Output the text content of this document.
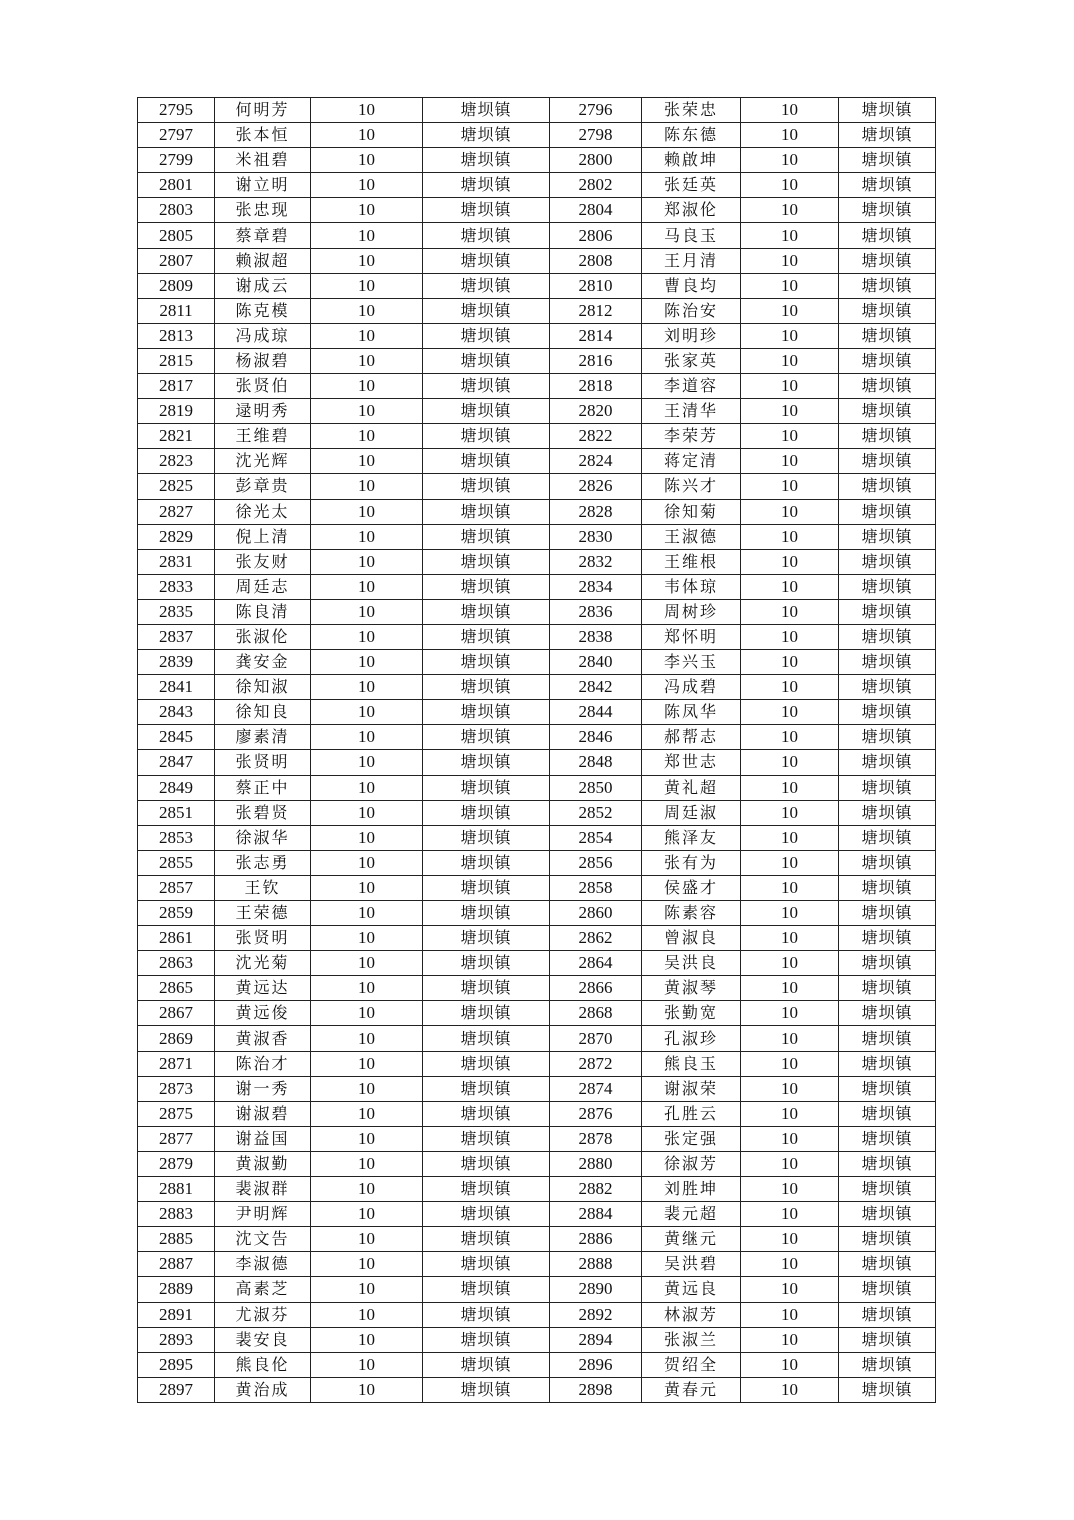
2795	何明芳	10	塘坝镇	2796	张荣忠	10	塘坝镇
2797	张本恒	10	塘坝镇	2798	陈东德	10	塘坝镇
2799	米祖碧	10	塘坝镇	2800	赖啟坤	10	塘坝镇
2801	谢立明	10	塘坝镇	2802	张廷英	10	塘坝镇
2803	张忠现	10	塘坝镇	2804	郑淑伦	10	塘坝镇
2805	蔡章碧	10	塘坝镇	2806	马良玉	10	塘坝镇
2807	赖淑超	10	塘坝镇	2808	王月清	10	塘坝镇
2809	谢成云	10	塘坝镇	2810	曹良均	10	塘坝镇
2811	陈克模	10	塘坝镇	2812	陈治安	10	塘坝镇
2813	冯成琼	10	塘坝镇	2814	刘明珍	10	塘坝镇
2815	杨淑碧	10	塘坝镇	2816	张家英	10	塘坝镇
2817	张贤伯	10	塘坝镇	2818	李道容	10	塘坝镇
2819	逯明秀	10	塘坝镇	2820	王清华	10	塘坝镇
2821	王维碧	10	塘坝镇	2822	李荣芳	10	塘坝镇
2823	沈光辉	10	塘坝镇	2824	蒋定清	10	塘坝镇
2825	彭章贵	10	塘坝镇	2826	陈兴才	10	塘坝镇
2827	徐光太	10	塘坝镇	2828	徐知菊	10	塘坝镇
2829	倪上清	10	塘坝镇	2830	王淑德	10	塘坝镇
2831	张友财	10	塘坝镇	2832	王维根	10	塘坝镇
2833	周廷志	10	塘坝镇	2834	韦体琼	10	塘坝镇
2835	陈良清	10	塘坝镇	2836	周树珍	10	塘坝镇
2837	张淑伦	10	塘坝镇	2838	郑怀明	10	塘坝镇
2839	龚安金	10	塘坝镇	2840	李兴玉	10	塘坝镇
2841	徐知淑	10	塘坝镇	2842	冯成碧	10	塘坝镇
2843	徐知良	10	塘坝镇	2844	陈凤华	10	塘坝镇
2845	廖素清	10	塘坝镇	2846	郝帮志	10	塘坝镇
2847	张贤明	10	塘坝镇	2848	郑世志	10	塘坝镇
2849	蔡正中	10	塘坝镇	2850	黄礼超	10	塘坝镇
2851	张碧贤	10	塘坝镇	2852	周廷淑	10	塘坝镇
2853	徐淑华	10	塘坝镇	2854	熊泽友	10	塘坝镇
2855	张志勇	10	塘坝镇	2856	张有为	10	塘坝镇
2857	王钦	10	塘坝镇	2858	侯盛才	10	塘坝镇
2859	王荣德	10	塘坝镇	2860	陈素容	10	塘坝镇
2861	张贤明	10	塘坝镇	2862	曾淑良	10	塘坝镇
2863	沈光菊	10	塘坝镇	2864	吴洪良	10	塘坝镇
2865	黄远达	10	塘坝镇	2866	黄淑琴	10	塘坝镇
2867	黄远俊	10	塘坝镇	2868	张勤宽	10	塘坝镇
2869	黄淑香	10	塘坝镇	2870	孔淑珍	10	塘坝镇
2871	陈治才	10	塘坝镇	2872	熊良玉	10	塘坝镇
2873	谢一秀	10	塘坝镇	2874	谢淑荣	10	塘坝镇
2875	谢淑碧	10	塘坝镇	2876	孔胜云	10	塘坝镇
2877	谢益国	10	塘坝镇	2878	张定强	10	塘坝镇
2879	黄淑勤	10	塘坝镇	2880	徐淑芳	10	塘坝镇
2881	裴淑群	10	塘坝镇	2882	刘胜坤	10	塘坝镇
2883	尹明辉	10	塘坝镇	2884	裴元超	10	塘坝镇
2885	沈文告	10	塘坝镇	2886	黄继元	10	塘坝镇
2887	李淑德	10	塘坝镇	2888	吴洪碧	10	塘坝镇
2889	高素芝	10	塘坝镇	2890	黄远良	10	塘坝镇
2891	尤淑芬	10	塘坝镇	2892	林淑芳	10	塘坝镇
2893	裴安良	10	塘坝镇	2894	张淑兰	10	塘坝镇
2895	熊良伦	10	塘坝镇	2896	贺绍全	10	塘坝镇
2897	黄治成	10	塘坝镇	2898	黄春元	10	塘坝镇
